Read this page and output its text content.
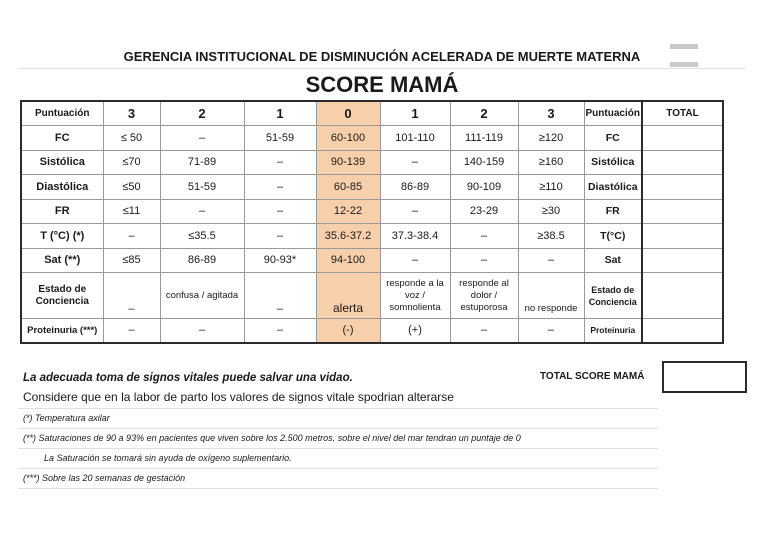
GERENCIA INSTITUCIONAL DE DISMINUCIÓN ACELERADA DE MUERTE MATERNA
SCORE MAMÁ
Puntuación	3	2	1	0	1	2	3	Puntuación	TOTAL
FC	≤ 50	–	51-59	60-100	101-110	111-119	≥120	FC	
Sistólica	≤70	71-89	–	90-139	–	140-159	≥160	Sistólica	
Diastólica	≤50	51-59	–	60-85	86-89	90-109	≥110	Diastólica	
FR	≤11	–	–	12-22	–	23-29	≥30	FR	
T (°C) (*)	–	≤35.5	–	35.6-37.2	37.3-38.4	–	≥38.5	T(°C)	
Sat (**)	≤85	86-89	90-93*	94-100	–	–	–	Sat	
Estado de Conciencia	–	confusa / agitada	–	alerta	responde a la voz / somnolienta	responde al dolor / estuporosa	no responde	Estado de Conciencia	
Proteinuria (***)	–	–	–	(-)	(+)	–	–	Proteinuria	
La adecuada toma de signos vitales puede salvar una vidao.	TOTAL SCORE MAMÁ
Considere que en la labor de parto los valores de signos vitale spodrian alterarse
(*) Temperatura axilar
(**) Saturaciones de 90 a 93% en pacientes que viven sobre los 2.500 metros. sobre el nivel del mar tendran un puntaje de 0
La Saturación se tomará sin ayuda de oxígeno suplementario.
(***) Sobre las 20 semanas de gestación
